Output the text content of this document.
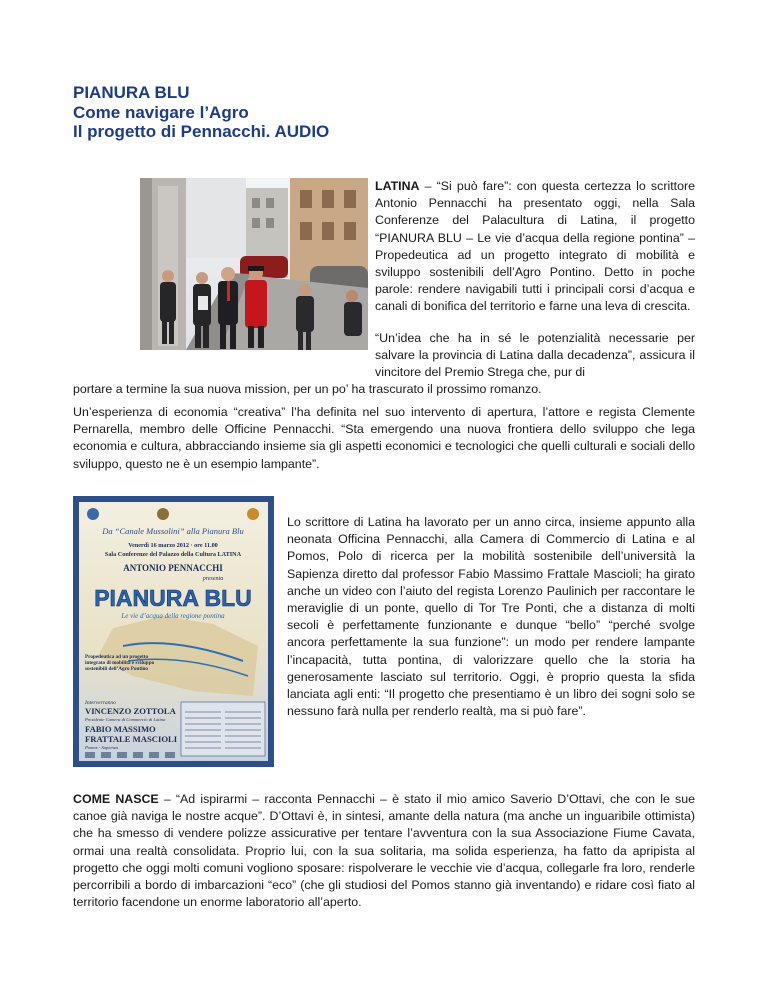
PIANURA BLU
Come navigare l’Agro
Il progetto di Pennacchi. AUDIO

LATINA – “Si può fare”: con questa certezza lo scrittore Antonio Pennacchi ha presentato oggi, nella Sala Conferenze del Palacultura di Latina, il progetto “PIANURA BLU – Le vie d’acqua della regione pontina” – Propedeutica ad un progetto integrato di mobilità e sviluppo sostenibili dell’Agro Pontino. Detto in poche parole: rendere navigabili tutti i principali corsi d’acqua e canali di bonifica del territorio e farne una leva di crescita.

“Un’idea che ha in sé le potenzialità necessarie per salvare la provincia di Latina dalla decadenza”, assicura il vincitore del Premio Strega che, pur di

portare a termine la sua nuova mission, per un po’ ha trascurato il prossimo romanzo.

Un’esperienza di economia “creativa” l’ha definita nel suo intervento di apertura, l’attore e regista Clemente Pernarella, membro delle Officine Pennacchi. “Sta emergendo una nuova frontiera dello sviluppo che lega economia e cultura, abbracciando insieme sia gli aspetti economici e tecnologici che quelli culturali e sociali dello sviluppo, questo ne è un esempio lampante”.

Da “Canale Mussolini” alla Pianura Blu
Venerdì 16 marzo 2012 · ore 11.00
Sala Conferenze del Palazzo della Cultura LATINA
ANTONIO PENNACCHI
presenta
PIANURA BLU
Le vie d’acqua della regione pontina
Propedeutica ad un progetto integrato di mobilità e sviluppo sostenibili dell’Agro Pontino
Interverranno
VINCENZO ZOTTOLA
Presidente Camera di Commercio di Latina
FABIO MASSIMO
FRATTALE MASCIOLI
Pomos - Sapienza

Lo scrittore di Latina ha lavorato per un anno circa, insieme appunto alla neonata Officina Pennacchi, alla Camera di Commercio di Latina e al Pomos, Polo di ricerca per la mobilità sostenibile dell’università la Sapienza diretto dal professor Fabio Massimo Frattale Mascioli; ha girato anche un video con l’aiuto del regista Lorenzo Paulinich per raccontare le meraviglie di un ponte, quello di Tor Tre Ponti, che a distanza di molti secoli è perfettamente funzionante e dunque “bello” “perché svolge ancora perfettamente la sua funzione”: un modo per rendere lampante l’incapacità, tutta pontina, di valorizzare quello che la storia ha generosamente lasciato sul territorio. Oggi, è proprio questa la sfida lanciata agli enti: “Il progetto che presentiamo è un libro dei sogni solo se nessuno farà nulla per renderlo realtà, ma si può fare”.

COME NASCE – “Ad ispirarmi – racconta Pennacchi – è stato il mio amico Saverio D’Ottavi, che con le sue canoe già naviga le nostre acque”. D’Ottavi è, in sintesi, amante della natura (ma anche un inguaribile ottimista) che ha smesso di vendere polizze assicurative per tentare l’avventura con la sua Associazione Fiume Cavata, ormai una realtà consolidata. Proprio lui, con la sua solitaria, ma solida esperienza, ha fatto da apripista al progetto che oggi molti comuni vogliono sposare: rispolverare le vecchie vie d’acqua, collegarle fra loro, renderle percorribili a bordo di imbarcazioni “eco” (che gli studiosi del Pomos stanno già inventando) e ridare così fiato al territorio facendone un enorme laboratorio all’aperto.
